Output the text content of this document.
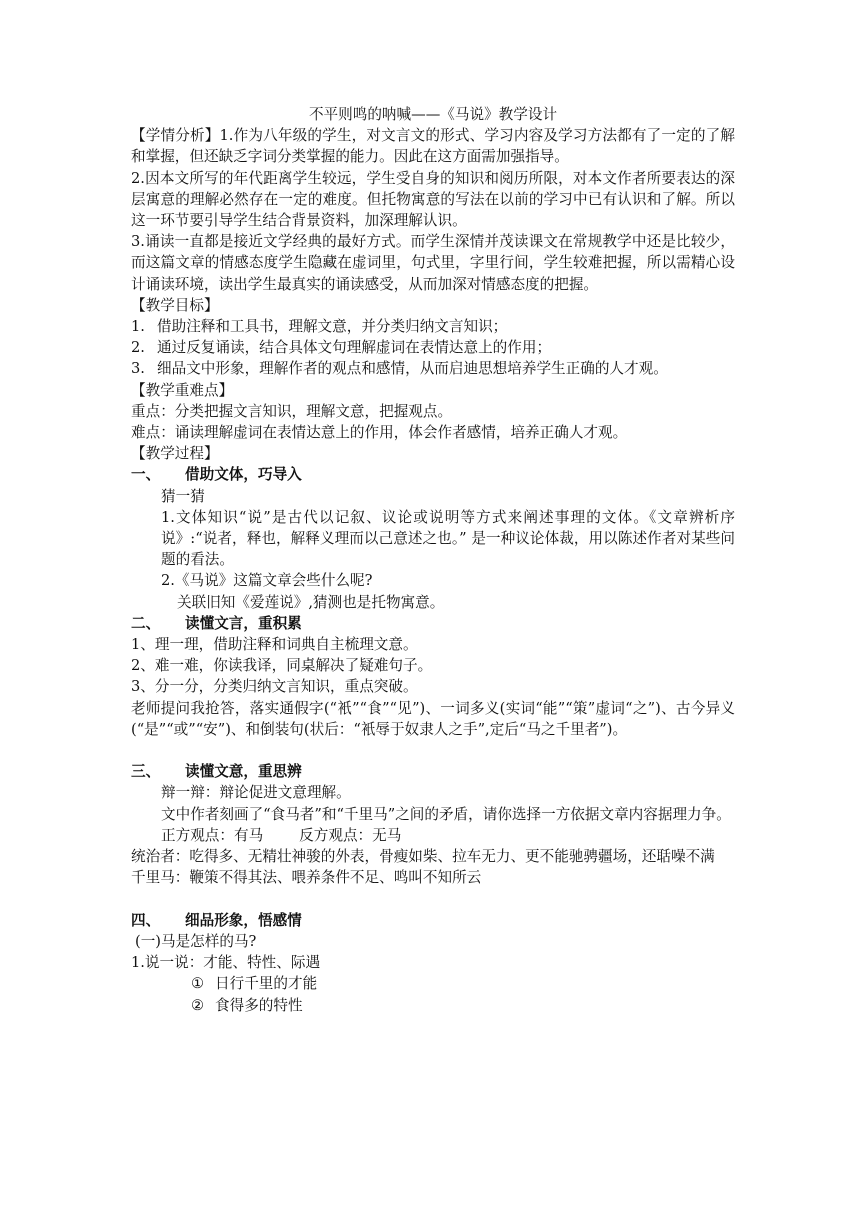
不平则鸣的呐喊——《马说》教学设计

【学情分析】1.作为八年级的学生，对文言文的形式、学习内容及学习方法都有了一定的了解和掌握，但还缺乏字词分类掌握的能力。因此在这方面需加强指导。

2.因本文所写的年代距离学生较远，学生受自身的知识和阅历所限，对本文作者所要表达的深层寓意的理解必然存在一定的难度。但托物寓意的写法在以前的学习中已有认识和了解。所以这一环节要引导学生结合背景资料，加深理解认识。

3.诵读一直都是接近文学经典的最好方式。而学生深情并茂读课文在常规教学中还是比较少，而这篇文章的情感态度学生隐藏在虚词里，句式里，字里行间，学生较难把握，所以需精心设计诵读环境，读出学生最真实的诵读感受，从而加深对情感态度的把握。

【教学目标】

1. 借助注释和工具书，理解文意，并分类归纳文言知识；
2. 通过反复诵读，结合具体文句理解虚词在表情达意上的作用；
3. 细品文中形象，理解作者的观点和感情，从而启迪思想培养学生正确的人才观。

【教学重难点】

重点：分类把握文言知识，理解文意，把握观点。

难点：诵读理解虚词在表情达意上的作用，体会作者感情，培养正确人才观。

【教学过程】

一、	借助文体，巧导入

猜一猜

1.文体知识“说”是古代以记叙、议论或说明等方式来阐述事理的文体。《文章辨析序说》:“说者，释也，解释义理而以己意述之也。” 是一种议论体裁，用以陈述作者对某些问题的看法。

2.《马说》这篇文章会些什么呢?

关联旧知《爱莲说》,猜测也是托物寓意。

二、	读懂文言，重积累

1、理一理，借助注释和词典自主梳理文意。

2、难一难，你读我译，同桌解决了疑难句子。

3、分一分，分类归纳文言知识，重点突破。

老师提问我抢答，落实通假字(“衹”“食”“见”)、一词多义(实词“能”“策”虚词“之”)、古今异义(“是”“或”“安”)、和倒装句(状后：“衹辱于奴隶人之手”,定后“马之千里者”)。

三、	读懂文意，重思辨

辩一辩：辩论促进文意理解。

文中作者刻画了“食马者”和“千里马”之间的矛盾，请你选择一方依据文章内容据理力争。

正方观点：有马 反方观点：无马

统治者：吃得多、无精壮神骏的外表，骨瘦如柴、拉车无力、更不能驰骋疆场，还聒噪不满

千里马：鞭策不得其法、喂养条件不足、鸣叫不知所云

四、	细品形象，悟感情

(一)马是怎样的马?

1.说一说：才能、特性、际遇

① 日行千里的才能
② 食得多的特性
